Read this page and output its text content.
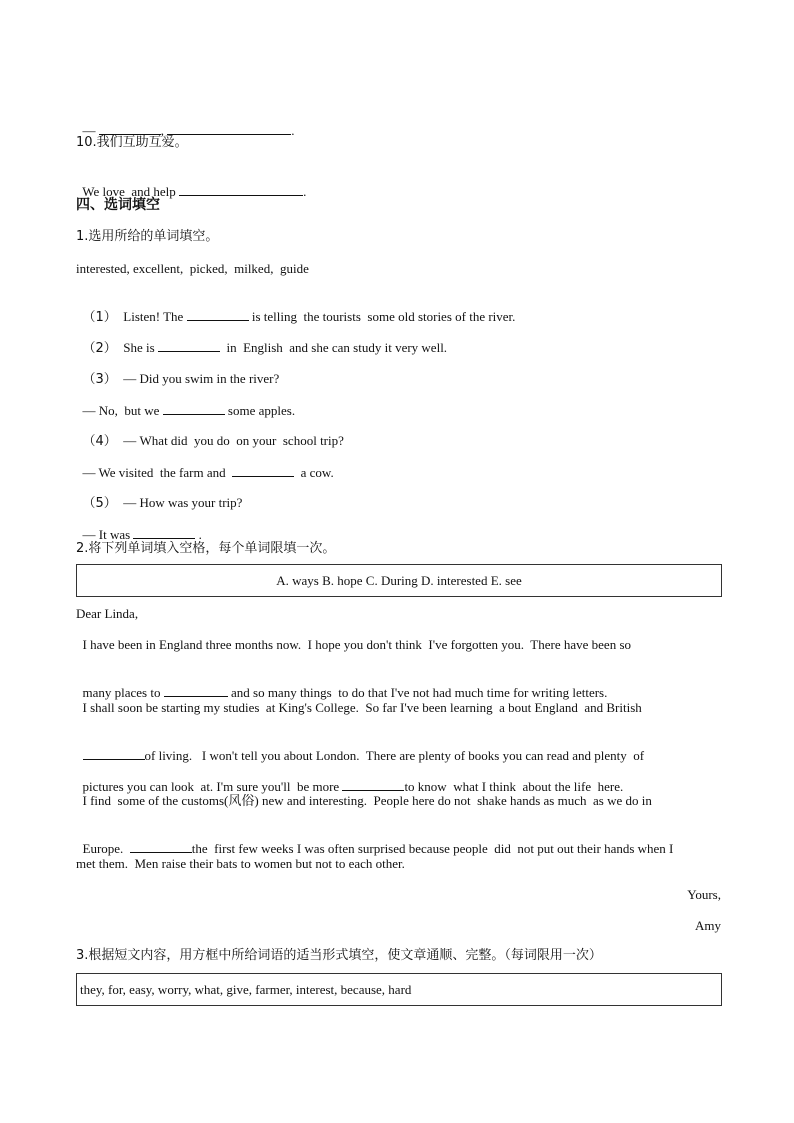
—	,	.

10.我们互助互爱。

We love  and help	.

四、选词填空
1.选用所给的单词填空。
interested, excellent,  picked,  milked,  guide

（1）  Listen! The	is telling  the tourists  some old stories of the river.

（2）  She is	in  English  and she can study it very well.

（3）  — Did you swim in the river?

— No,  but we	some apples.

（4）  — What did  you do  on your  school trip?

— We visited  the farm and	a cow.

（5）  — How was your trip?

— It was	.

2.将下列单词填入空格，每个单词限填一次。
A. ways B. hope C. During D. interested E. see
Dear Linda,
I have been in England three months now.  I hope you don't think  I've forgotten you.  There have been so

many places to	and so many things  to do that I've not had much time for writing letters.

I shall soon be starting my studies  at King's College.  So far I've been learning  a bout England  and British

of living.   I won't tell you about London.  There are plenty of books you can read and plenty  of

pictures you can look  at. I'm sure you'll  be more	to know  what I think  about the life  here.

I find  some of the customs(风俗) new and interesting.  People here do not  shake hands as much  as we do in

Europe.	the  first few weeks I was often surprised because people  did  not put out their hands when I

met them.  Men raise their bats to women but not to each other.
Yours,
Amy
3.根据短文内容，用方框中所给词语的适当形式填空，使文章通顺、完整。（每词限用一次）
they, for, easy, worry, what, give, farmer, interest, because, hard
